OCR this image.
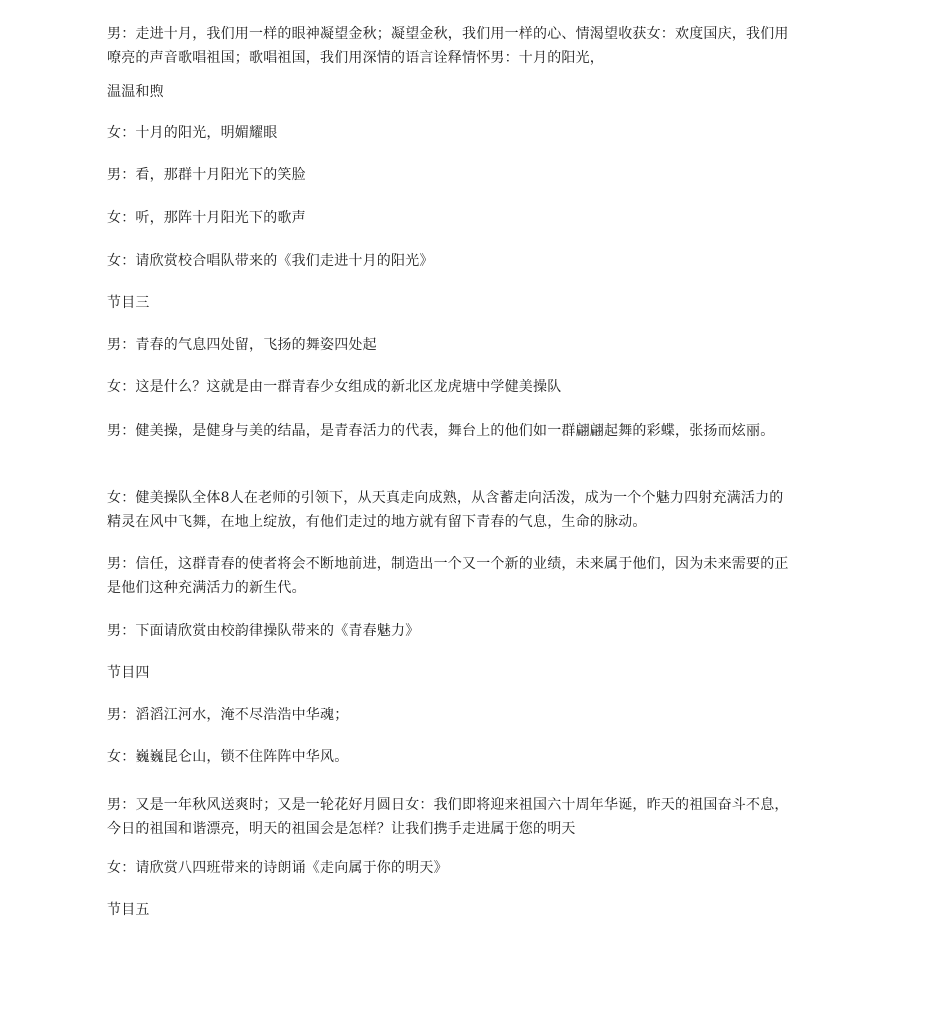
男：走进十月，我们用一样的眼神凝望金秋；凝望金秋，我们用一样的心、情渴望收获女：欢度国庆，我们用嘹亮的声音歌唱祖国；歌唱祖国，我们用深情的语言诠释情怀男：十月的阳光，

温温和煦

女：十月的阳光，明媚耀眼

男：看，那群十月阳光下的笑脸

女：听，那阵十月阳光下的歌声

女：请欣赏校合唱队带来的《我们走进十月的阳光》

节目三

男：青春的气息四处留，飞扬的舞姿四处起

女：这是什么？这就是由一群青春少女组成的新北区龙虎塘中学健美操队

男：健美操，是健身与美的结晶，是青春活力的代表，舞台上的他们如一群翩翩起舞的彩蝶，张扬而炫丽。

女：健美操队全体8人在老师的引领下，从天真走向成熟，从含蓄走向活泼，成为一个个魅力四射充满活力的精灵在风中飞舞，在地上绽放，有他们走过的地方就有留下青春的气息，生命的脉动。

男：信任，这群青春的使者将会不断地前进，制造出一个又一个新的业绩，未来属于他们，因为未来需要的正是他们这种充满活力的新生代。

男：下面请欣赏由校韵律操队带来的《青春魅力》

节目四

男：滔滔江河水，淹不尽浩浩中华魂；

女：巍巍昆仑山，锁不住阵阵中华风。

男：又是一年秋风送爽时；又是一轮花好月圆日女：我们即将迎来祖国六十周年华诞，昨天的祖国奋斗不息，今日的祖国和谐漂亮，明天的祖国会是怎样？让我们携手走进属于您的明天

女：请欣赏八四班带来的诗朗诵《走向属于你的明天》

节目五
